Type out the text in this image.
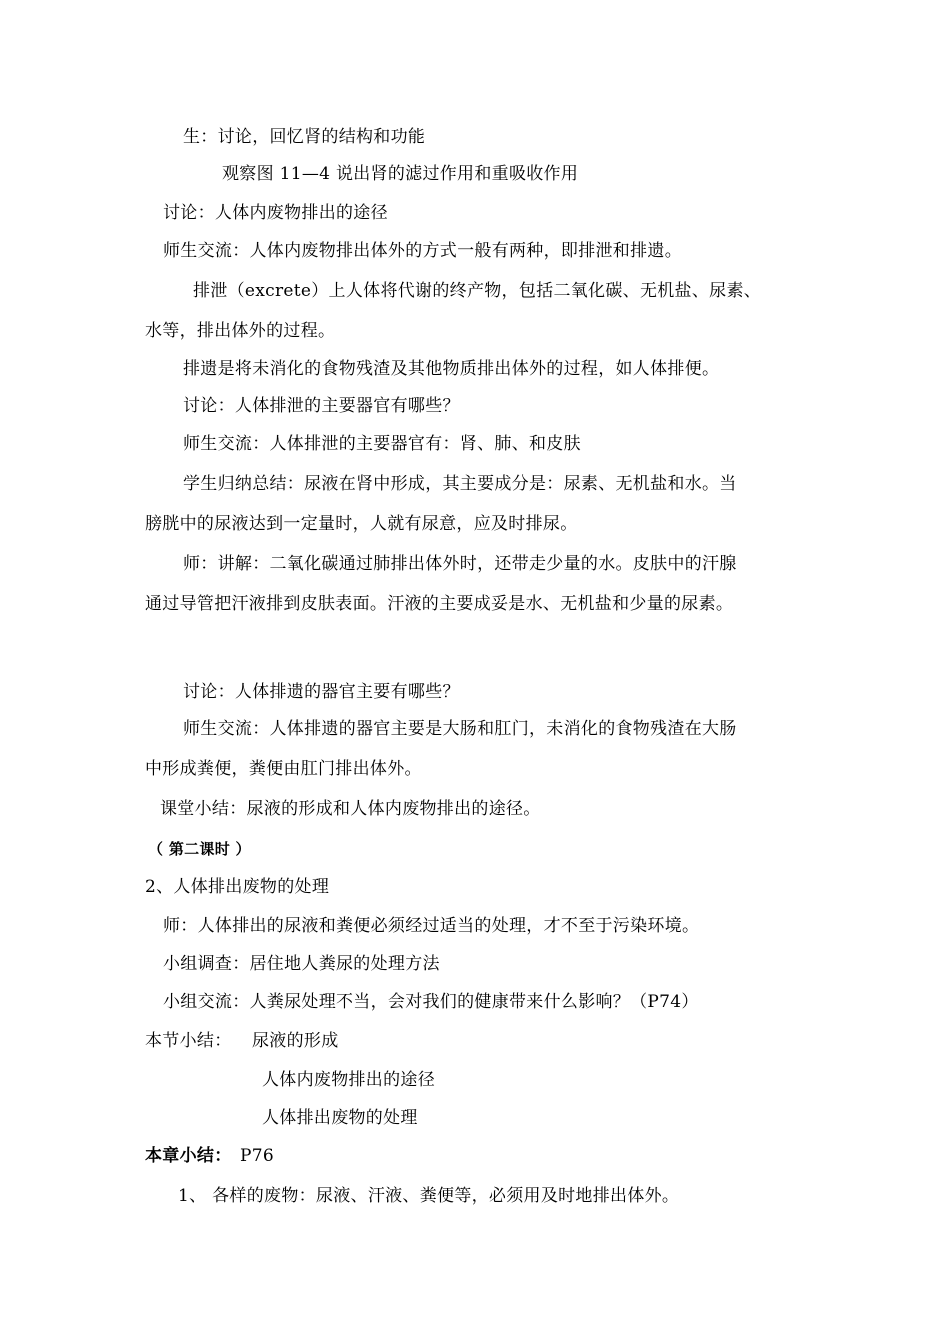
生：讨论，回忆肾的结构和功能
观察图 11—4 说出肾的滤过作用和重吸收作用
讨论：人体内废物排出的途径
师生交流：人体内废物排出体外的方式一般有两种，即排泄和排遗。
排泄（excrete）上人体将代谢的终产物，包括二氧化碳、无机盐、尿素、
水等，排出体外的过程。
排遗是将未消化的食物残渣及其他物质排出体外的过程，如人体排便。
讨论：人体排泄的主要器官有哪些？
师生交流：人体排泄的主要器官有：肾、肺、和皮肤
学生归纳总结：尿液在肾中形成，其主要成分是：尿素、无机盐和水。当
膀胱中的尿液达到一定量时，人就有尿意，应及时排尿。
师：讲解：二氧化碳通过肺排出体外时，还带走少量的水。皮肤中的汗腺
通过导管把汗液排到皮肤表面。汗液的主要成妥是水、无机盐和少量的尿素。
讨论：人体排遗的器官主要有哪些？
师生交流：人体排遗的器官主要是大肠和肛门，未消化的食物残渣在大肠
中形成粪便，粪便由肛门排出体外。
课堂小结：尿液的形成和人体内废物排出的途径。
（ 第二课时 ）
2、人体排出废物的处理
师：人体排出的尿液和粪便必须经过适当的处理，才不至于污染环境。
小组调查：居住地人粪尿的处理方法
小组交流：人粪尿处理不当，会对我们的健康带来什么影响？（P74）
本节小结： 尿液的形成
人体内废物排出的途径
人体排出废物的处理
本章小结： P76
1、 各样的废物：尿液、汗液、粪便等，必须用及时地排出体外。
